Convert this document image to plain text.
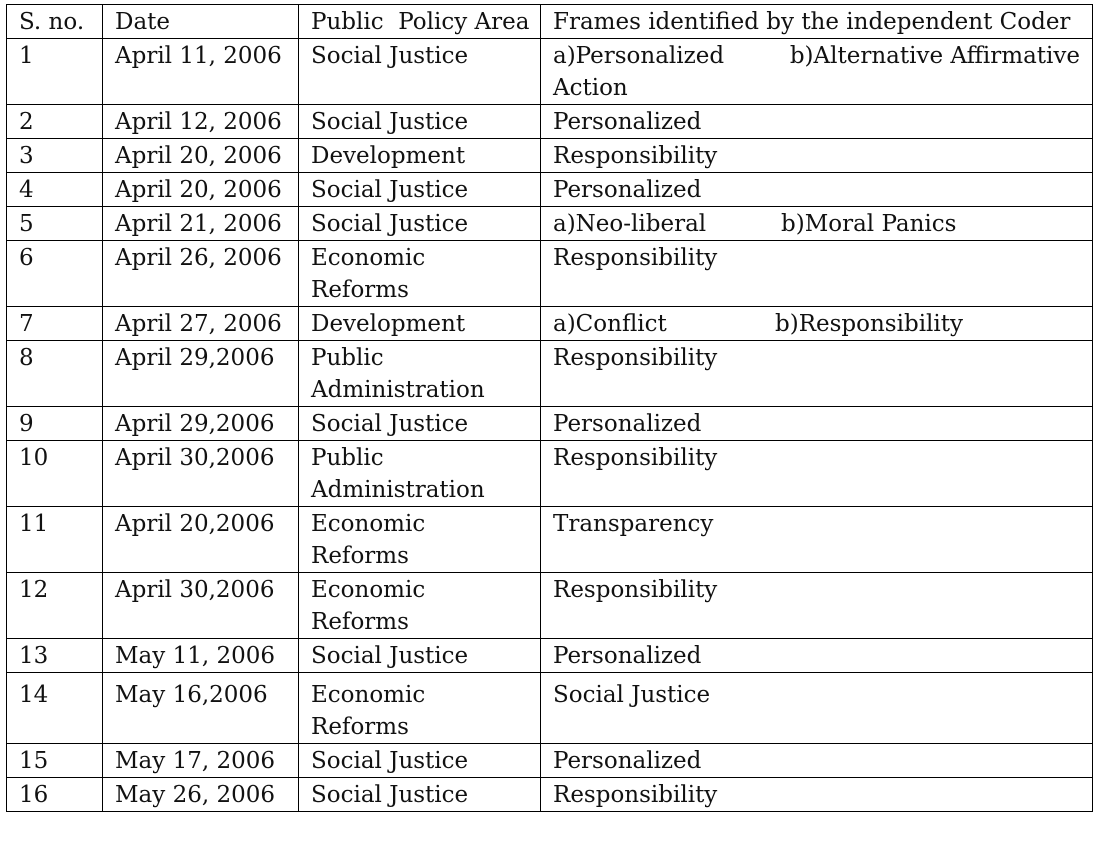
S. no.	Date	Public  Policy Area	Frames identified by the independent Coder
1	April 11, 2006	Social Justice	a)Personalized b)Alternative Affirmative
Action

2	April 12, 2006	Social Justice	Personalized
3	April 20, 2006	Development	Responsibility
4	April 20, 2006	Social Justice	Personalized
5	April 21, 2006	Social Justice	a)Neo-liberal b)Moral Panics

6	April 26, 2006	Economic Reforms	Responsibility
7	April 27, 2006	Development	a)Conflict b)Responsibility

8	April 29,2006	Public Administration	Responsibility
9	April 29,2006	Social Justice	Personalized
10	April 30,2006	Public Administration	Responsibility
11	April 20,2006	Economic Reforms	Transparency
12	April 30,2006	Economic Reforms	Responsibility
13	May 11, 2006	Social Justice	Personalized
14	May 16,2006	Economic Reforms	Social Justice
15	May 17, 2006	Social Justice	Personalized
16	May 26, 2006	Social Justice	Responsibility
